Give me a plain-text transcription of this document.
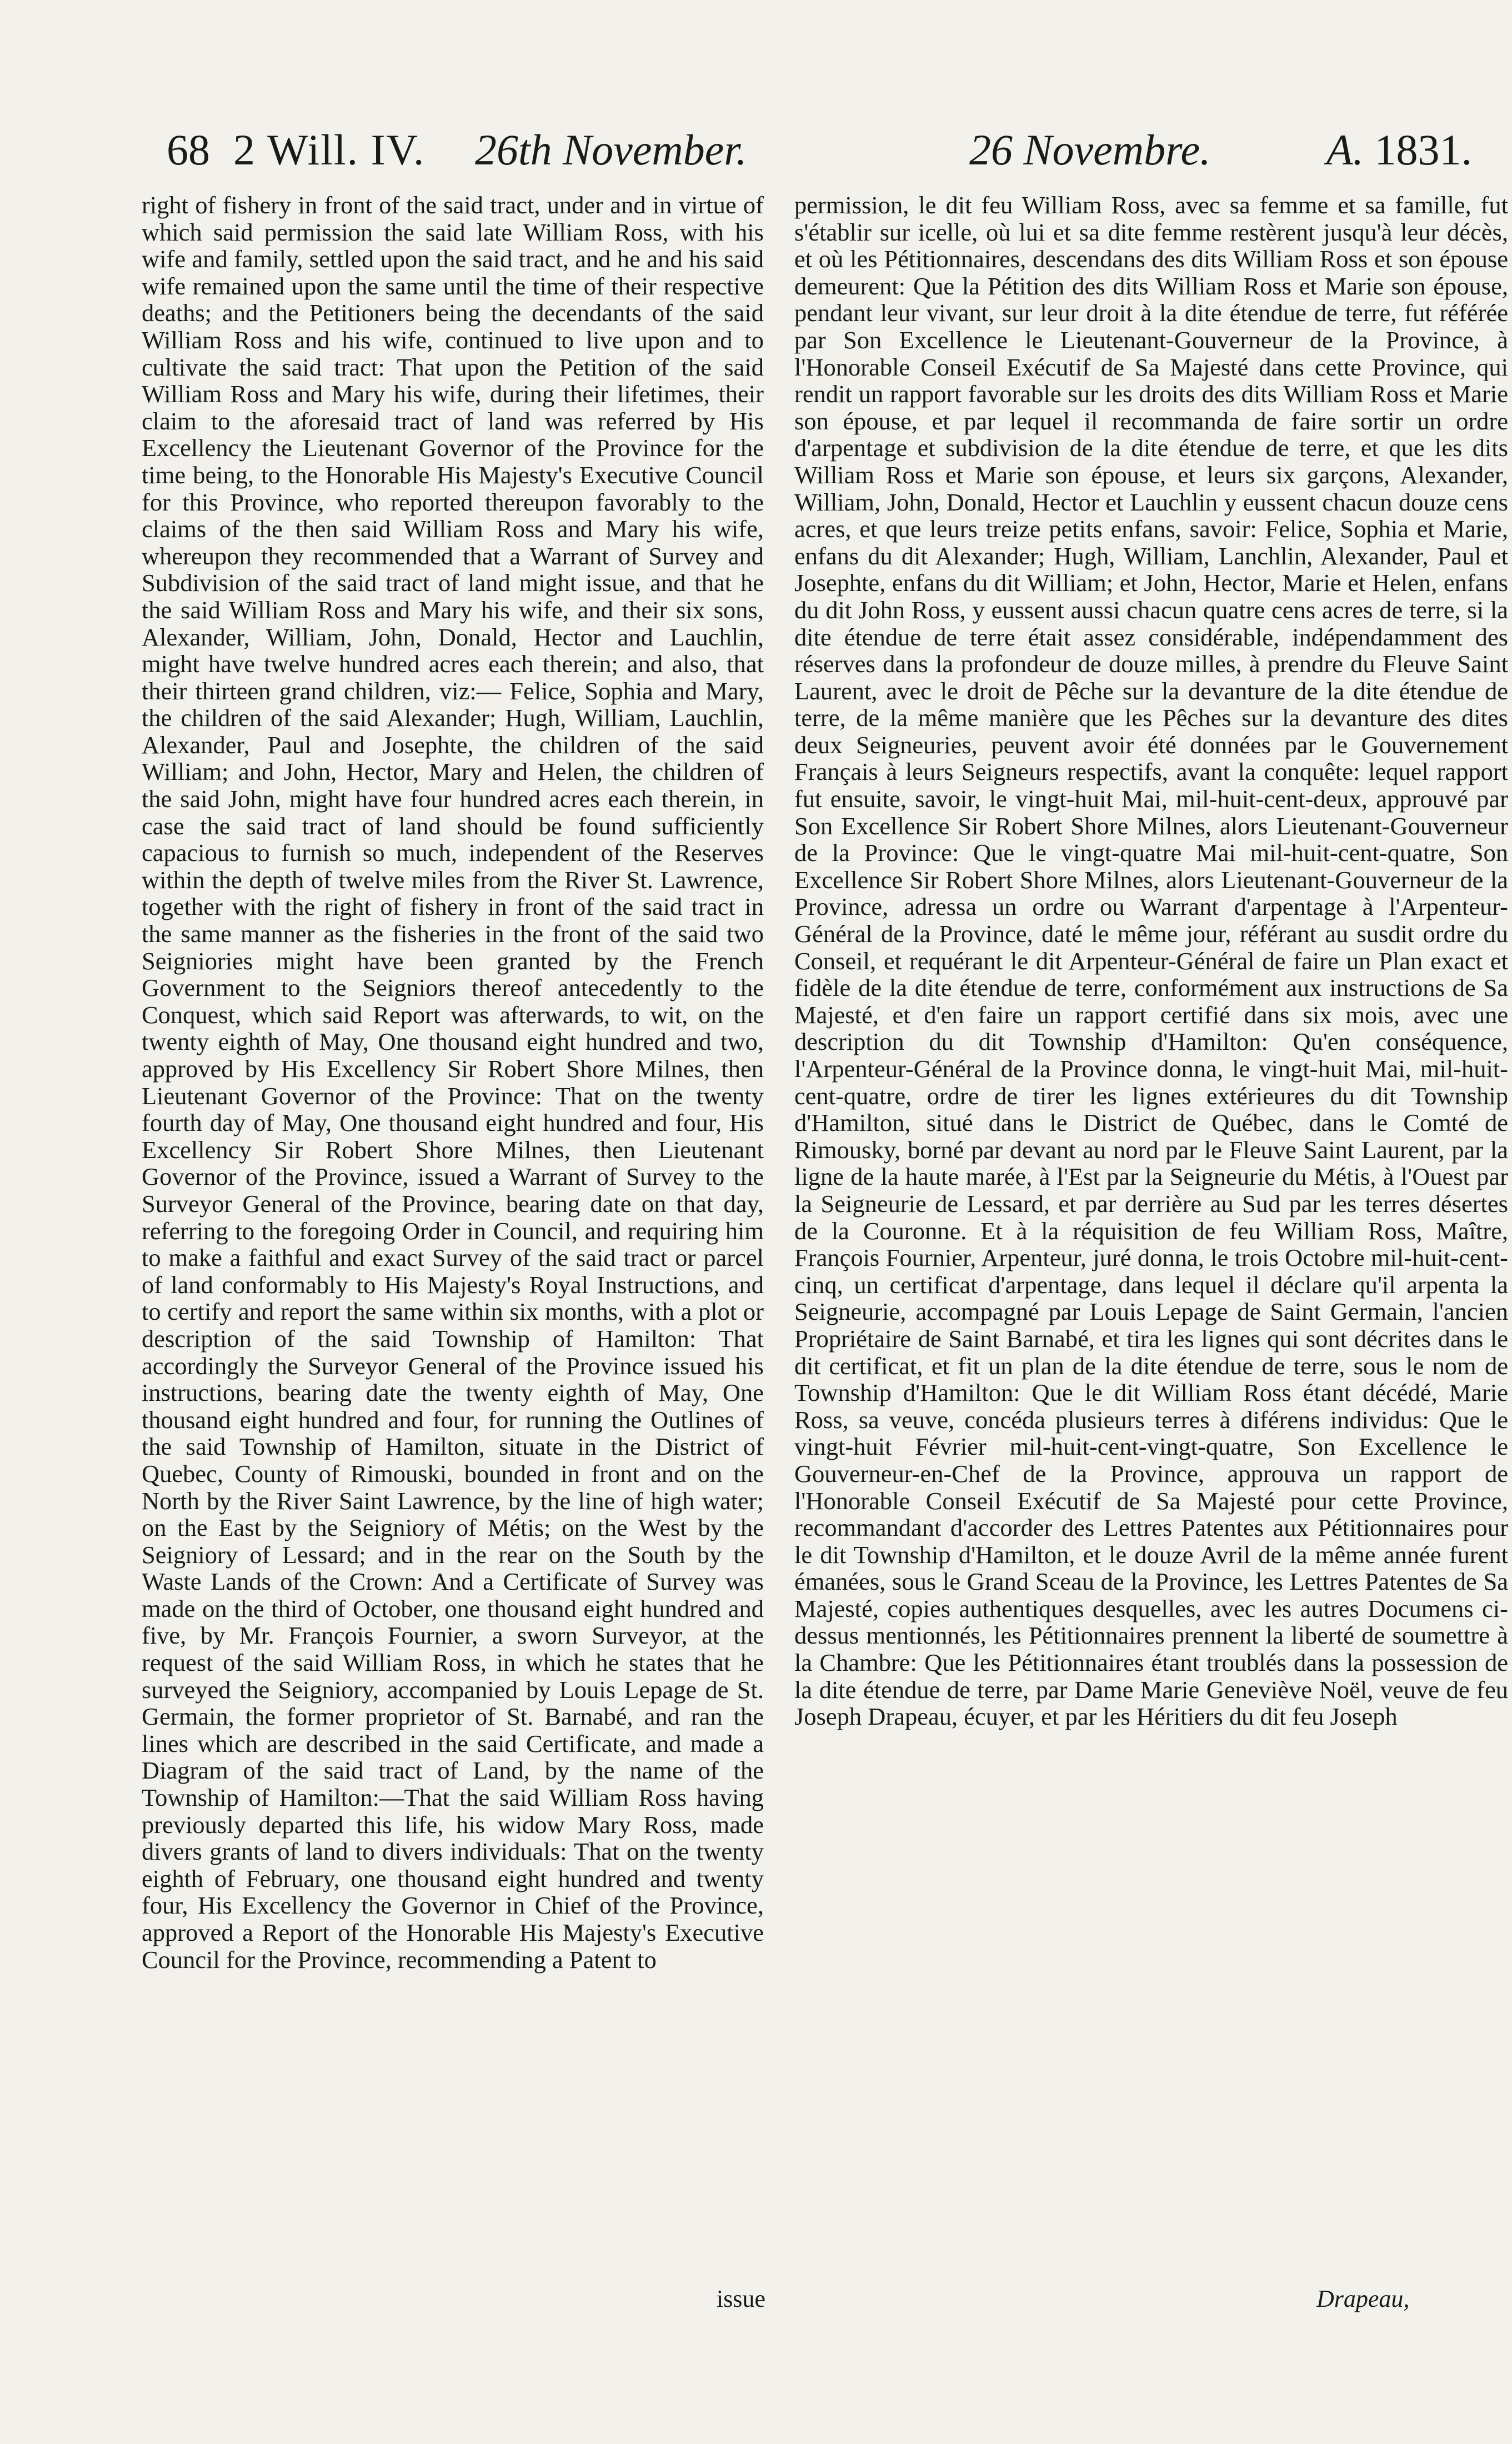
68 2 Will. IV. 26th November.	26 Novembre.	A. 1831.

right of fishery in front of the said tract, under and in virtue of which said permission the said late William Ross, with his wife and family, settled upon the said tract, and he and his said wife remained upon the same until the time of their respective deaths; and the Petitioners being the decendants of the said William Ross and his wife, continued to live upon and to cultivate the said tract: That upon the Petition of the said William Ross and Mary his wife, during their lifetimes, their claim to the aforesaid tract of land was referred by His Excellency the Lieutenant Governor of the Province for the time being, to the Honorable His Majesty's Executive Council for this Province, who reported thereupon favorably to the claims of the then said William Ross and Mary his wife, whereupon they recommended that a Warrant of Survey and Subdivision of the said tract of land might issue, and that he the said William Ross and Mary his wife, and their six sons, Alexander, William, John, Donald, Hector and Lauchlin, might have twelve hundred acres each therein; and also, that their thirteen grand children, viz:— Felice, Sophia and Mary, the children of the said Alexander; Hugh, William, Lauchlin, Alexander, Paul and Josephte, the children of the said William; and John, Hector, Mary and Helen, the children of the said John, might have four hundred acres each therein, in case the said tract of land should be found sufficiently capacious to furnish so much, independent of the Reserves within the depth of twelve miles from the River St. Lawrence, together with the right of fishery in front of the said tract in the same manner as the fisheries in the front of the said two Seigniories might have been granted by the French Government to the Seigniors thereof antecedently to the Conquest, which said Report was afterwards, to wit, on the twenty eighth of May, One thousand eight hundred and two, approved by His Excellency Sir Robert Shore Milnes, then Lieutenant Governor of the Province: That on the twenty fourth day of May, One thousand eight hundred and four, His Excellency Sir Robert Shore Milnes, then Lieutenant Governor of the Province, issued a Warrant of Survey to the Surveyor General of the Province, bearing date on that day, referring to the foregoing Order in Council, and requiring him to make a faithful and exact Survey of the said tract or parcel of land conformably to His Majesty's Royal Instructions, and to certify and report the same within six months, with a plot or description of the said Township of Hamilton: That accordingly the Surveyor General of the Province issued his instructions, bearing date the twenty eighth of May, One thousand eight hundred and four, for running the Outlines of the said Township of Hamilton, situate in the District of Quebec, County of Rimouski, bounded in front and on the North by the River Saint Lawrence, by the line of high water; on the East by the Seigniory of Métis; on the West by the Seigniory of Lessard; and in the rear on the South by the Waste Lands of the Crown: And a Certificate of Survey was made on the third of October, one thousand eight hundred and five, by Mr. François Fournier, a sworn Surveyor, at the request of the said William Ross, in which he states that he surveyed the Seigniory, accompanied by Louis Lepage de St. Germain, the former proprietor of St. Barnabé, and ran the lines which are described in the said Certificate, and made a Diagram of the said tract of Land, by the name of the Township of Hamilton:—That the said William Ross having previously departed this life, his widow Mary Ross, made divers grants of land to divers individuals: That on the twenty eighth of February, one thousand eight hundred and twenty four, His Excellency the Governor in Chief of the Province, approved a Report of the Honorable His Majesty's Executive Council for the Province, recommending a Patent to

issue

permission, le dit feu William Ross, avec sa femme et sa famille, fut s'établir sur icelle, où lui et sa dite femme restèrent jusqu'à leur décès, et où les Pétitionnaires, descendans des dits William Ross et son épouse demeurent: Que la Pétition des dits William Ross et Marie son épouse, pendant leur vivant, sur leur droit à la dite étendue de terre, fut référée par Son Excellence le Lieutenant-Gouverneur de la Province, à l'Honorable Conseil Exécutif de Sa Majesté dans cette Province, qui rendit un rapport favorable sur les droits des dits William Ross et Marie son épouse, et par lequel il recommanda de faire sortir un ordre d'arpentage et subdivision de la dite étendue de terre, et que les dits William Ross et Marie son épouse, et leurs six garçons, Alexander, William, John, Donald, Hector et Lauchlin y eussent chacun douze cens acres, et que leurs treize petits enfans, savoir: Felice, Sophia et Marie, enfans du dit Alexander; Hugh, William, Lanchlin, Alexander, Paul et Josephte, enfans du dit William; et John, Hector, Marie et Helen, enfans du dit John Ross, y eussent aussi chacun quatre cens acres de terre, si la dite étendue de terre était assez considérable, indépendamment des réserves dans la profondeur de douze milles, à prendre du Fleuve Saint Laurent, avec le droit de Pêche sur la devanture de la dite étendue de terre, de la même manière que les Pêches sur la devanture des dites deux Seigneuries, peuvent avoir été données par le Gouvernement Français à leurs Seigneurs respectifs, avant la conquête: lequel rapport fut ensuite, savoir, le vingt-huit Mai, mil-huit-cent-deux, approuvé par Son Excellence Sir Robert Shore Milnes, alors Lieutenant-Gouverneur de la Province: Que le vingt-quatre Mai mil-huit-cent-quatre, Son Excellence Sir Robert Shore Milnes, alors Lieutenant-Gouverneur de la Province, adressa un ordre ou Warrant d'arpentage à l'Arpenteur-Général de la Province, daté le même jour, référant au susdit ordre du Conseil, et requérant le dit Arpenteur-Général de faire un Plan exact et fidèle de la dite étendue de terre, conformément aux instructions de Sa Majesté, et d'en faire un rapport certifié dans six mois, avec une description du dit Township d'Hamilton: Qu'en conséquence, l'Arpenteur-Général de la Province donna, le vingt-huit Mai, mil-huit-cent-quatre, ordre de tirer les lignes extérieures du dit Township d'Hamilton, situé dans le District de Québec, dans le Comté de Rimousky, borné par devant au nord par le Fleuve Saint Laurent, par la ligne de la haute marée, à l'Est par la Seigneurie du Métis, à l'Ouest par la Seigneurie de Lessard, et par derrière au Sud par les terres désertes de la Couronne. Et à la réquisition de feu William Ross, Maître, François Fournier, Arpenteur, juré donna, le trois Octobre mil-huit-cent-cinq, un certificat d'arpentage, dans lequel il déclare qu'il arpenta la Seigneurie, accompagné par Louis Lepage de Saint Germain, l'ancien Propriétaire de Saint Barnabé, et tira les lignes qui sont décrites dans le dit certificat, et fit un plan de la dite étendue de terre, sous le nom de Township d'Hamilton: Que le dit William Ross étant décédé, Marie Ross, sa veuve, concéda plusieurs terres à diférens individus: Que le vingt-huit Février mil-huit-cent-vingt-quatre, Son Excellence le Gouverneur-en-Chef de la Province, approuva un rapport de l'Honorable Conseil Exécutif de Sa Majesté pour cette Province, recommandant d'accorder des Lettres Patentes aux Pétitionnaires pour le dit Township d'Hamilton, et le douze Avril de la même année furent émanées, sous le Grand Sceau de la Province, les Lettres Patentes de Sa Majesté, copies authentiques desquelles, avec les autres Documens ci-dessus mentionnés, les Pétitionnaires prennent la liberté de soumettre à la Chambre: Que les Pétitionnaires étant troublés dans la possession de la dite étendue de terre, par Dame Marie Geneviève Noël, veuve de feu Joseph Drapeau, écuyer, et par les Héritiers du dit feu Joseph

Drapeau,
